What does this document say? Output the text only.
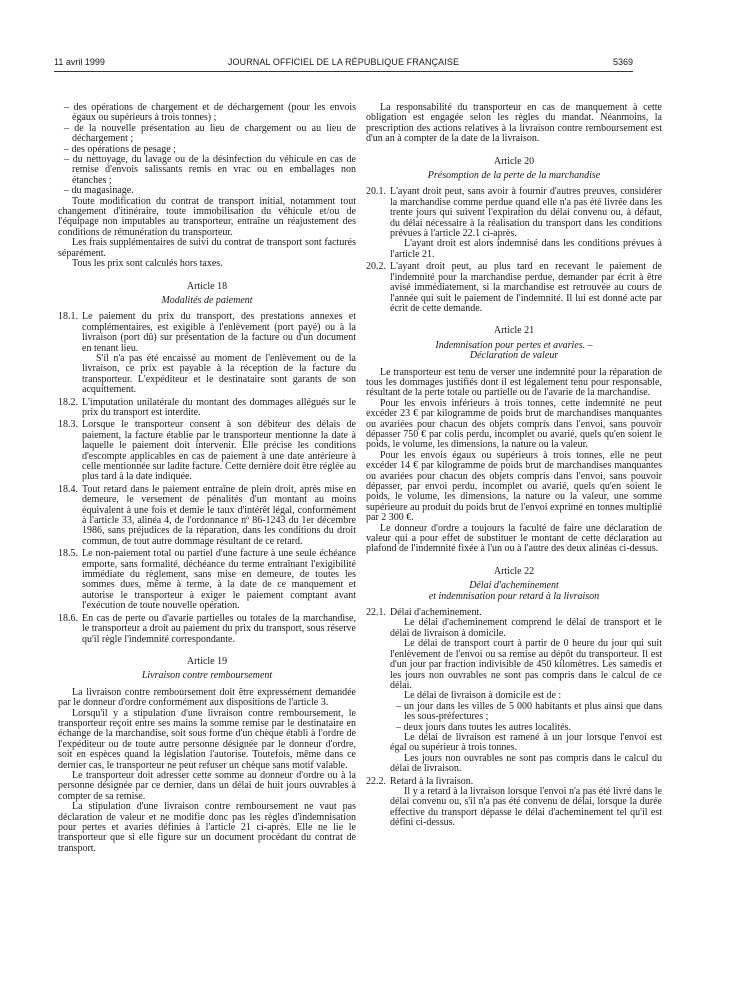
11 avril 1999	JOURNAL OFFICIEL DE LA RÉPUBLIQUE FRANÇAISE	5369

– des opérations de chargement et de déchargement (pour les envois égaux ou supérieurs à trois tonnes) ;

– de la nouvelle présentation au lieu de chargement ou au lieu de déchargement ;

– des opérations de pesage ;

– du nettoyage, du lavage ou de la désinfection du véhicule en cas de remise d'envois salissants remis en vrac ou en emballages non étanches ;

– du magasinage.

Toute modification du contrat de transport initial, notamment tout changement d'itinéraire, toute immobilisation du véhicule et/ou de l'équipage non imputables au transporteur, entraîne un réajustement des conditions de rémunération du transporteur.

Les frais supplémentaires de suivi du contrat de transport sont facturés séparément.

Tous les prix sont calculés hors taxes.

Article 18

Modalités de paiement

18.1. Le paiement du prix du transport, des prestations annexes et complémentaires, est exigible à l'enlèvement (port payé) ou à la livraison (port dû) sur présentation de la facture ou d'un document en tenant lieu.

S'il n'a pas été encaissé au moment de l'enlèvement ou de la livraison, ce prix est payable à la réception de la facture du transporteur. L'expéditeur et le destinataire sont garants de son acquittement.

18.2. L'imputation unilatérale du montant des dommages allégués sur le prix du transport est interdite.

18.3. Lorsque le transporteur consent à son débiteur des délais de paiement, la facture établie par le transporteur mentionne la date à laquelle le paiement doit intervenir. Elle précise les conditions d'escompte applicables en cas de paiement à une date antérieure à celle mentionnée sur ladite facture. Cette dernière doit être réglée au plus tard à la date indiquée.

18.4. Tout retard dans le paiement entraîne de plein droit, après mise en demeure, le versement de pénalités d'un montant au moins équivalent à une fois et demie le taux d'intérêt légal, conformément à l'article 33, alinéa 4, de l'ordonnance nº 86-1243 du 1er décembre 1986, sans préjudices de la réparation, dans les conditions du droit commun, de tout autre dommage résultant de ce retard.

18.5. Le non-paiement total ou partiel d'une facture à une seule échéance emporte, sans formalité, déchéance du terme entraînant l'exigibilité immédiate du règlement, sans mise en demeure, de toutes les sommes dues, même à terme, à la date de ce manquement et autorise le transporteur à exiger le paiement comptant avant l'exécution de toute nouvelle opération.

18.6. En cas de perte ou d'avarie partielles ou totales de la marchandise, le transporteur a droit au paiement du prix du transport, sous réserve qu'il règle l'indemnité correspondante.

Article 19

Livraison contre remboursement

La livraison contre remboursement doit être expressément demandée par le donneur d'ordre conformément aux dispositions de l'article 3.

Lorsqu'il y a stipulation d'une livraison contre remboursement, le transporteur reçoit entre ses mains la somme remise par le destinataire en échange de la marchandise, soit sous forme d'un chèque établi à l'ordre de l'expéditeur ou de toute autre personne désignée par le donneur d'ordre, soit en espèces quand la législation l'autorise. Toutefois, même dans ce dernier cas, le transporteur ne peut refuser un chèque sans motif valable.

Le transporteur doit adresser cette somme au donneur d'ordre ou à la personne désignée par ce dernier, dans un délai de huit jours ouvrables à compter de sa remise.

La stipulation d'une livraison contre remboursement ne vaut pas déclaration de valeur et ne modifie donc pas les règles d'indemnisation pour pertes et avaries définies à l'article 21 ci-après. Elle ne lie le transporteur que si elle figure sur un document procédant du contrat de transport.

La responsabilité du transporteur en cas de manquement à cette obligation est engagée selon les règles du mandat. Néanmoins, la prescription des actions relatives à la livraison contre remboursement est d'un an à compter de la date de la livraison.

Article 20

Présomption de la perte de la marchandise

20.1. L'ayant droit peut, sans avoir à fournir d'autres preuves, considérer la marchandise comme perdue quand elle n'a pas été livrée dans les trente jours qui suivent l'expiration du délai convenu ou, à défaut, du délai nécessaire à la réalisation du transport dans les conditions prévues à l'article 22.1 ci-après.

L'ayant droit est alors indemnisé dans les conditions prévues à l'article 21.

20.2. L'ayant droit peut, au plus tard en recevant le paiement de l'indemnité pour la marchandise perdue, demander par écrit à être avisé immédiatement, si la marchandise est retrouvée au cours de l'année qui suit le paiement de l'indemnité. Il lui est donné acte par écrit de cette demande.

Article 21

Indemnisation pour pertes et avaries. –
Déclaration de valeur

Le transporteur est tenu de verser une indemnité pour la réparation de tous les dommages justifiés dont il est légalement tenu pour responsable, résultant de la perte totale ou partielle ou de l'avarie de la marchandise.

Pour les envois inférieurs à trois tonnes, cette indemnité ne peut excéder 23 € par kilogramme de poids brut de marchandises manquantes ou avariées pour chacun des objets compris dans l'envoi, sans pouvoir dépasser 750 € par colis perdu, incomplet ou avarié, quels qu'en soient le poids, le volume, les dimensions, la nature ou la valeur.

Pour les envois égaux ou supérieurs à trois tonnes, elle ne peut excéder 14 € par kilogramme de poids brut de marchandises manquantes ou avariées pour chacun des objets compris dans l'envoi, sans pouvoir dépasser, par envoi perdu, incomplet ou avarié, quels qu'en soient le poids, le volume, les dimensions, la nature ou la valeur, une somme supérieure au produit du poids brut de l'envoi exprimé en tonnes multiplié par 2 300 €.

Le donneur d'ordre a toujours la faculté de faire une déclaration de valeur qui a pour effet de substituer le montant de cette déclaration au plafond de l'indemnité fixée à l'un ou à l'autre des deux alinéas ci-dessus.

Article 22

Délai d'acheminement
et indemnisation pour retard à la livraison
22.1. Délai d'acheminement.

Le délai d'acheminement comprend le délai de transport et le délai de livraison à domicile.

Le délai de transport court à partir de 0 heure du jour qui suit l'enlèvement de l'envoi ou sa remise au dépôt du transporteur. Il est d'un jour par fraction indivisible de 450 kilomètres. Les samedis et les jours non ouvrables ne sont pas compris dans le calcul de ce délai.

Le délai de livraison à domicile est de :

– un jour dans les villes de 5 000 habitants et plus ainsi que dans les sous-préfectures ;

– deux jours dans toutes les autres localités.

Le délai de livraison est ramené à un jour lorsque l'envoi est égal ou supérieur à trois tonnes.

Les jours non ouvrables ne sont pas compris dans le calcul du délai de livraison.

22.2. Retard à la livraison.

Il y a retard à la livraison lorsque l'envoi n'a pas été livré dans le délai convenu ou, s'il n'a pas été convenu de délai, lorsque la durée effective du transport dépasse le délai d'acheminement tel qu'il est défini ci-dessus.
